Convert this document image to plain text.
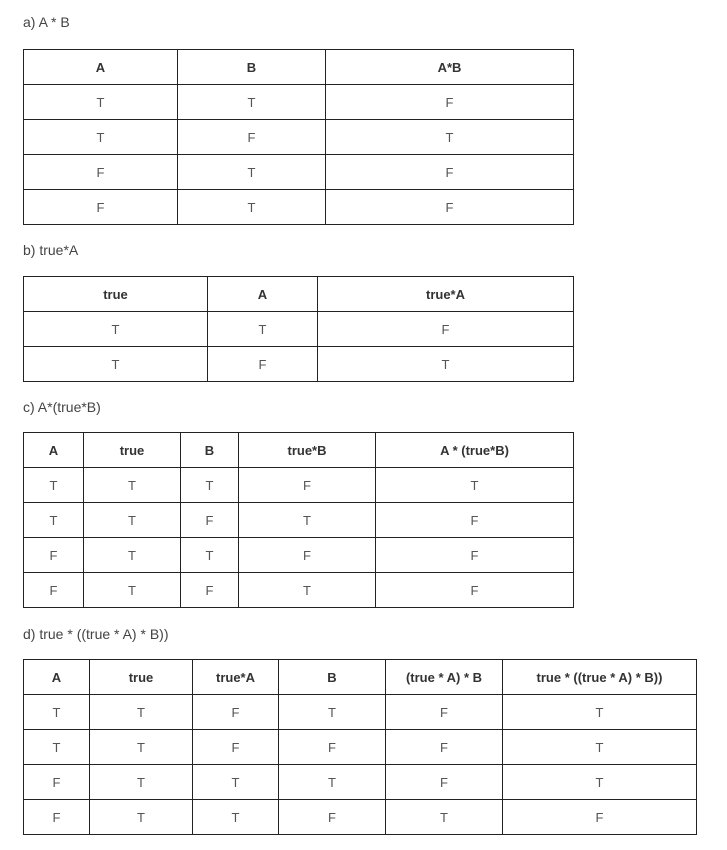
a) A * B
A	B	A*B
T	T	F
T	F	T
F	T	F
F	T	F
b) true*A
true	A	true*A
T	T	F
T	F	T
c) A*(true*B)
A	true	B	true*B	A * (true*B)
T	T	T	F	T
T	T	F	T	F
F	T	T	F	F
F	T	F	T	F
d) true * ((true * A) * B))
A	true	true*A	B	(true * A) * B	true * ((true * A) * B))
T	T	F	T	F	T
T	T	F	F	F	T
F	T	T	T	F	T
F	T	T	F	T	F
